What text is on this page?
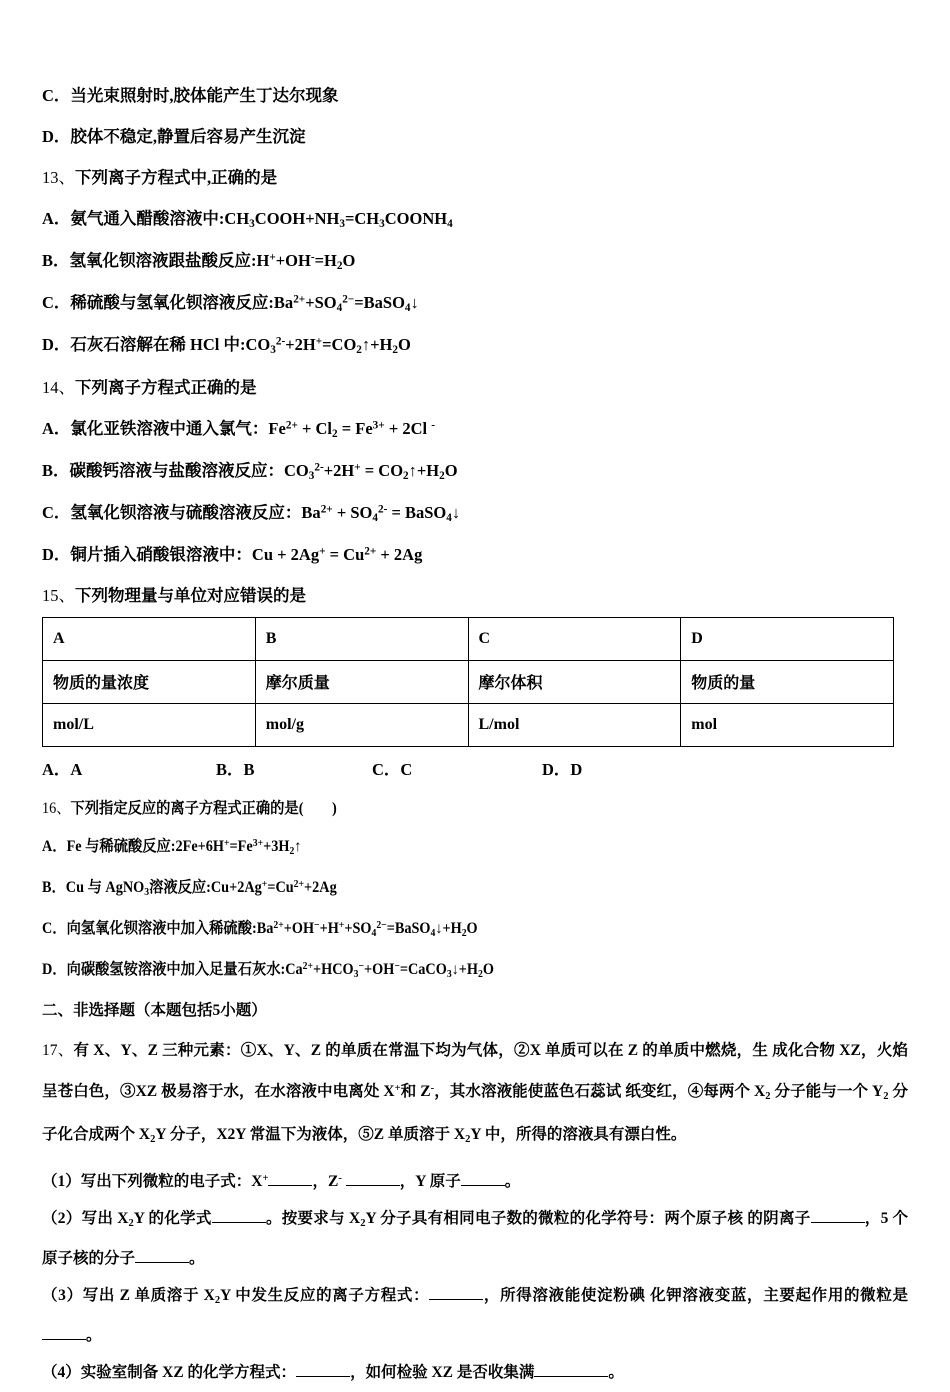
C．当光束照射时,胶体能产生丁达尔现象
D．胶体不稳定,静置后容易产生沉淀
13、下列离子方程式中,正确的是
A．氨气通入醋酸溶液中$:CH_3COOH+NH_3=CH_3COONH_4$
B．氢氧化钡溶液跟盐酸反应$:H^++OH^-=H_2O$
C．稀硫酸与氢氧化钡溶液反应$:Ba^{2+}+SO_4^{2-}=BaSO_4↓$
D．石灰石溶解在稀 HCl 中$:CO_3^{2-}+2H^+=CO_2↑+H_2O$
14、下列离子方程式正确的是
A．氯化亚铁溶液中通入氯气：$Fe^{2+} + Cl_2 = Fe^{3+} + 2Cl$ -
B．碳酸钙溶液与盐酸溶液反应：$CO_3^{2-}+2H^+$ = $CO_2↑+H_2O$
C．氢氧化钡溶液与硫酸溶液反应：$Ba^{2+} + SO_4^{2-}$ = BaSO$_4$↓
D．铜片插入硝酸银溶液中：$Cu + 2Ag^+ = Cu^{2+} + 2Ag$
15、下列物理量与单位对应错误的是
A	B	C	D
物质的量浓度	摩尔质量	摩尔体积	物质的量
mol/L	mol/g	L/mol	mol
A．A	B．B	C．C	D．D
16、下列指定反应的离子方程式正确的是(　　)
A．Fe 与稀硫酸反应$:2Fe+6H^+=Fe^{3+}+3H_2↑$
B．Cu 与 AgNO$_3$溶液反应$:Cu+2Ag^+=Cu^{2+}+2Ag$
C．向氢氧化钡溶液中加入稀硫酸$:Ba^{2+}+OH^-+H^++SO_4^{2-}=BaSO_4↓+H_2O$
D．向碳酸氢铵溶液中加入足量石灰水$:Ca^{2+}+HCO_3^-+OH^-=CaCO_3↓+H_2O$
二、非选择题（本题包括5小题）
17、有 X、Y、Z 三种元素：①X、Y、Z 的单质在常温下均为气体，②X 单质可以在 Z 的单质中燃烧，生 成化合物 XZ，火焰呈苍白色，③XZ 极易溶于水，在水溶液中电离处 X+和 Z-，其水溶液能使蓝色石蕊试 纸变红，④每两个 $X_2$ 分子能与一个 $Y_2$ 分子化合成两个 $X_2Y$ 分子，X2Y 常温下为液体，⑤Z 单质溶于 $X_2Y$ 中，所得的溶液具有漂白性。
（1）写出下列微粒的电子式：X+	，Z-	，Y 原子	。
（2）写出 $X_2Y$ 的化学式	。按要求与 $X_2Y$ 分子具有相同电子数的微粒的化学符号：两个原子核 的阴离子	，5 个原子核的分子	。
（3）写出 Z 单质溶于 $X_2Y$ 中发生反应的离子方程式：	，所得溶液能使淀粉碘 化钾溶液变蓝，主要起作用的微粒是。
（4）实验室制备 XZ 的化学方程式：	，如何检验 XZ 是否收集满	。
